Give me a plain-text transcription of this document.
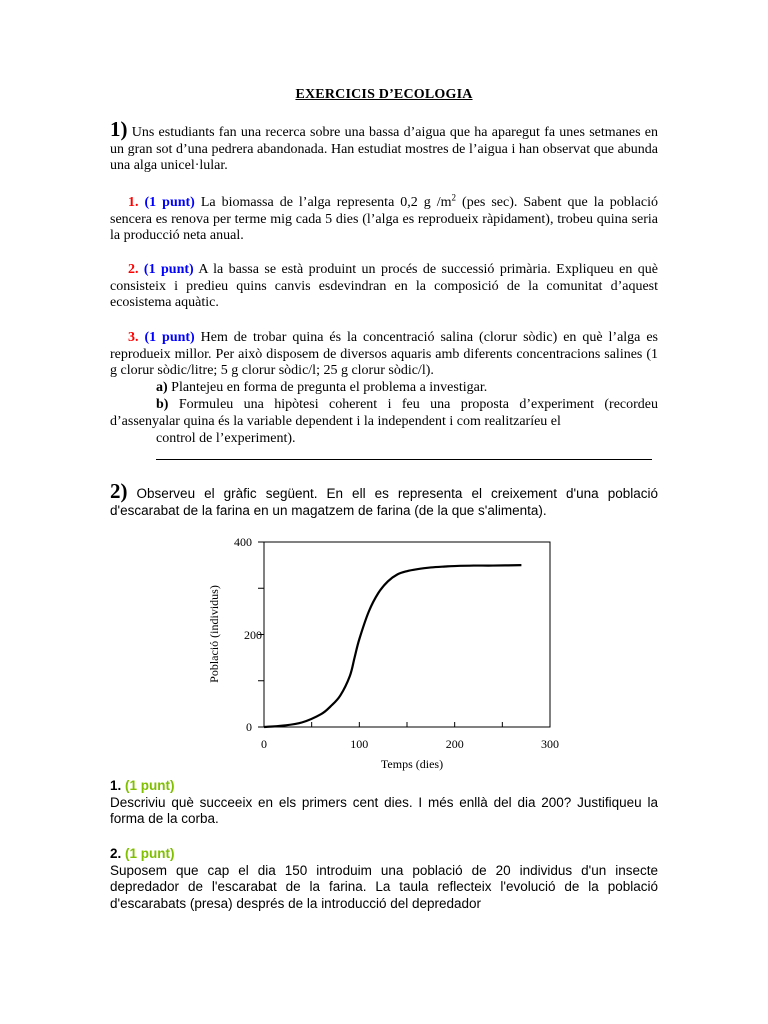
EXERCICIS D’ECOLOGIA
1) Uns estudiants fan una recerca sobre una bassa d’aigua que ha aparegut fa unes setmanes en un gran sot d’una pedrera abandonada. Han estudiat mostres de l’aigua i han observat que abunda una alga unicel·lular.
1. (1 punt) La biomassa de l’alga representa 0,2 g $/m^2$ (pes sec). Sabent que la població sencera es renova per terme mig cada 5 dies (l’alga es reprodueix ràpidament), trobeu quina seria la producció neta anual.
2. (1 punt) A la bassa se està produint un procés de successió primària. Expliqueu en què consisteix i predieu quins canvis esdevindran en la composició de la comunitat d’aquest ecosistema aquàtic.
3. (1 punt) Hem de trobar quina és la concentració salina (clorur sòdic) en què l’alga es reprodueix millor. Per això disposem de diversos aquaris amb diferents concentracions salines (1 g clorur sòdic/litre; 5 g clorur sòdic/l; 25 g clorur sòdic/l).
a) Plantejeu en forma de pregunta el problema a investigar.
b) Formuleu una hipòtesi coherent i feu una proposta d’experiment (recordeu d’assenyalar quina és la variable dependent i la independent i com realitzaríeu el
control de l’experiment).
2) Observeu el gràfic següent. En ell es representa el creixement d'una població d'escarabat de la farina en un magatzem de farina (de la que s'alimenta).
1. (1 punt)
Descriviu què succeeix en els primers cent dies. I més enllà del dia 200? Justifiqueu la forma de la corba.
2. (1 punt)
Suposem que cap el dia 150 introduim una població de 20 individus d'un insecte depredador de l'escarabat de la farina. La taula reflecteix l'evolució de la població d'escarabats (presa) després de la introducció del depredador
0	100	200	300
0
200
400
Temps (dies)
Població (individus)
